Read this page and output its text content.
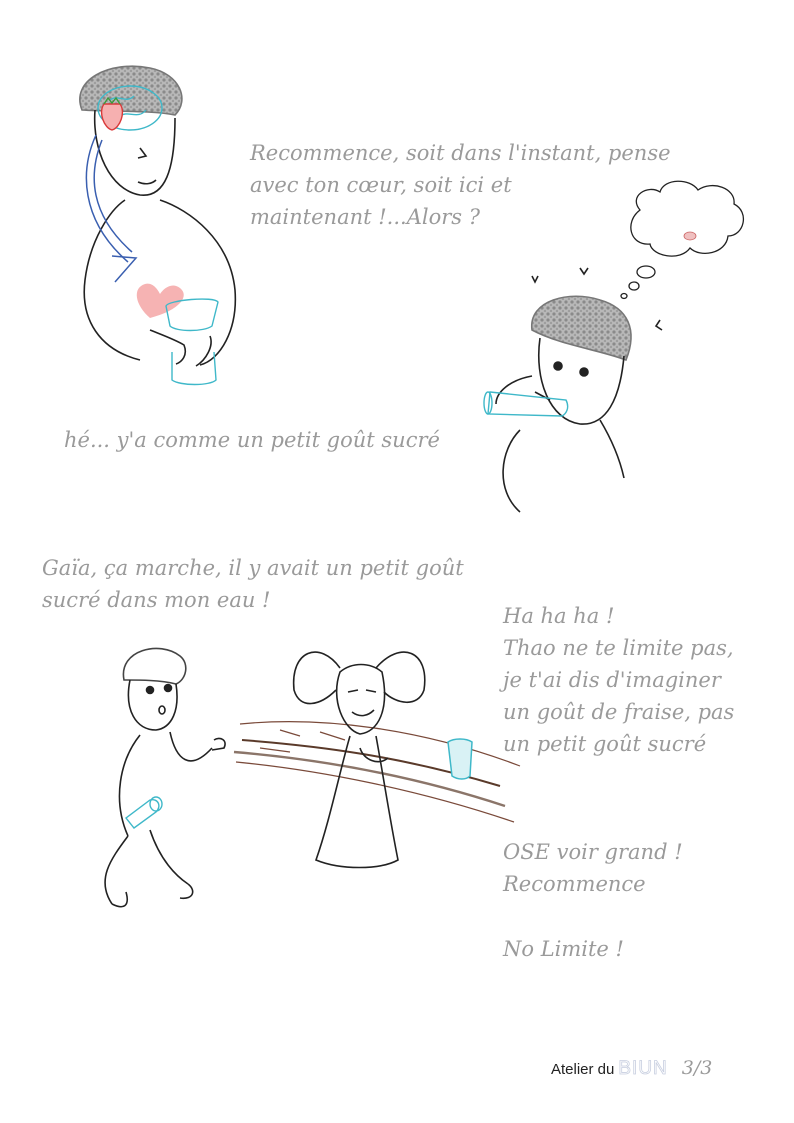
Recommence, soit dans l'instant, pense
avec ton cœur, soit ici et
maintenant !...Alors ?

hé... y'a comme un petit goût sucré

Gaïa, ça marche, il y avait un petit goût
sucré dans mon eau !

Ha ha ha !
Thao ne te limite pas,
je t'ai dis d'imaginer
un goût de fraise, pas
un petit goût sucré

OSE voir grand !
Recommence

No Limite !

Atelier du BIUN 3/3
